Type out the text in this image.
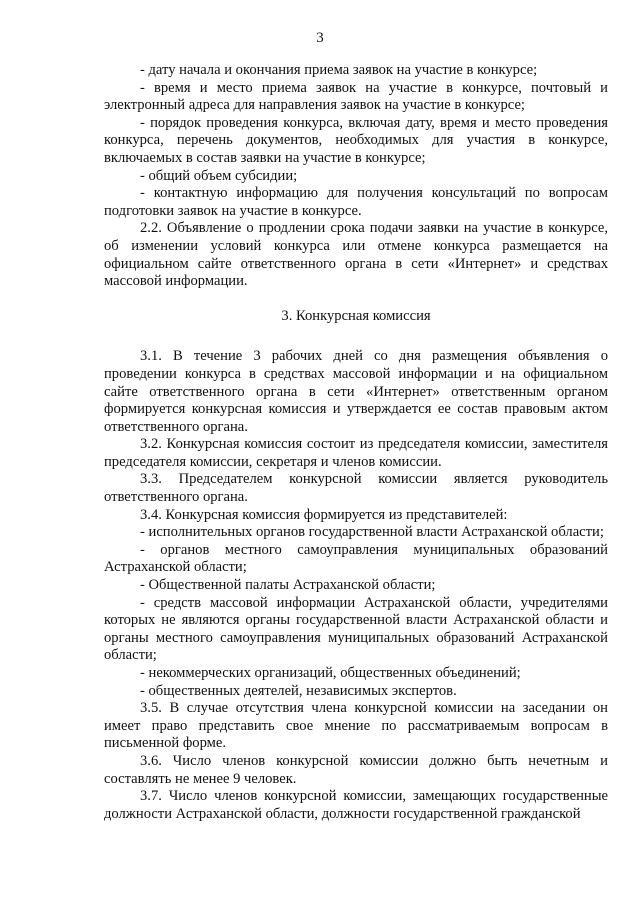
3

- дату начала и окончания приема заявок на участие в конкурсе;

- время и место приема заявок на участие в конкурсе, почтовый и электронный адреса для направления заявок на участие в конкурсе;

- порядок проведения конкурса, включая дату, время и место проведения конкурса, перечень документов, необходимых для участия в конкурсе, включаемых в состав заявки на участие в конкурсе;

- общий объем субсидии;

- контактную информацию для получения консультаций по вопросам подготовки заявок на участие в конкурсе.

2.2. Объявление о продлении срока подачи заявки на участие в конкурсе, об изменении условий конкурса или отмене конкурса размещается на официальном сайте ответственного органа в сети «Интернет» и средствах массовой информации.

3. Конкурсная комиссия

3.1. В течение 3 рабочих дней со дня размещения объявления о проведении конкурса в средствах массовой информации и на официальном сайте ответственного органа в сети «Интернет» ответственным органом формируется конкурсная комиссия и утверждается ее состав правовым актом ответственного органа.

3.2. Конкурсная комиссия состоит из председателя комиссии, заместителя председателя комиссии, секретаря и членов комиссии.

3.3. Председателем конкурсной комиссии является руководитель ответственного органа.

3.4. Конкурсная комиссия формируется из представителей:

- исполнительных органов государственной власти Астраханской области;

- органов местного самоуправления муниципальных образований Астраханской области;

- Общественной палаты Астраханской области;

- средств массовой информации Астраханской области, учредителями которых не являются органы государственной власти Астраханской области и органы местного самоуправления муниципальных образований Астраханской области;

- некоммерческих организаций, общественных объединений;

- общественных деятелей, независимых экспертов.

3.5. В случае отсутствия члена конкурсной комиссии на заседании он имеет право представить свое мнение по рассматриваемым вопросам в письменной форме.

3.6. Число членов конкурсной комиссии должно быть нечетным и составлять не менее 9 человек.

3.7. Число членов конкурсной комиссии, замещающих государственные должности Астраханской области, должности государственной гражданской
